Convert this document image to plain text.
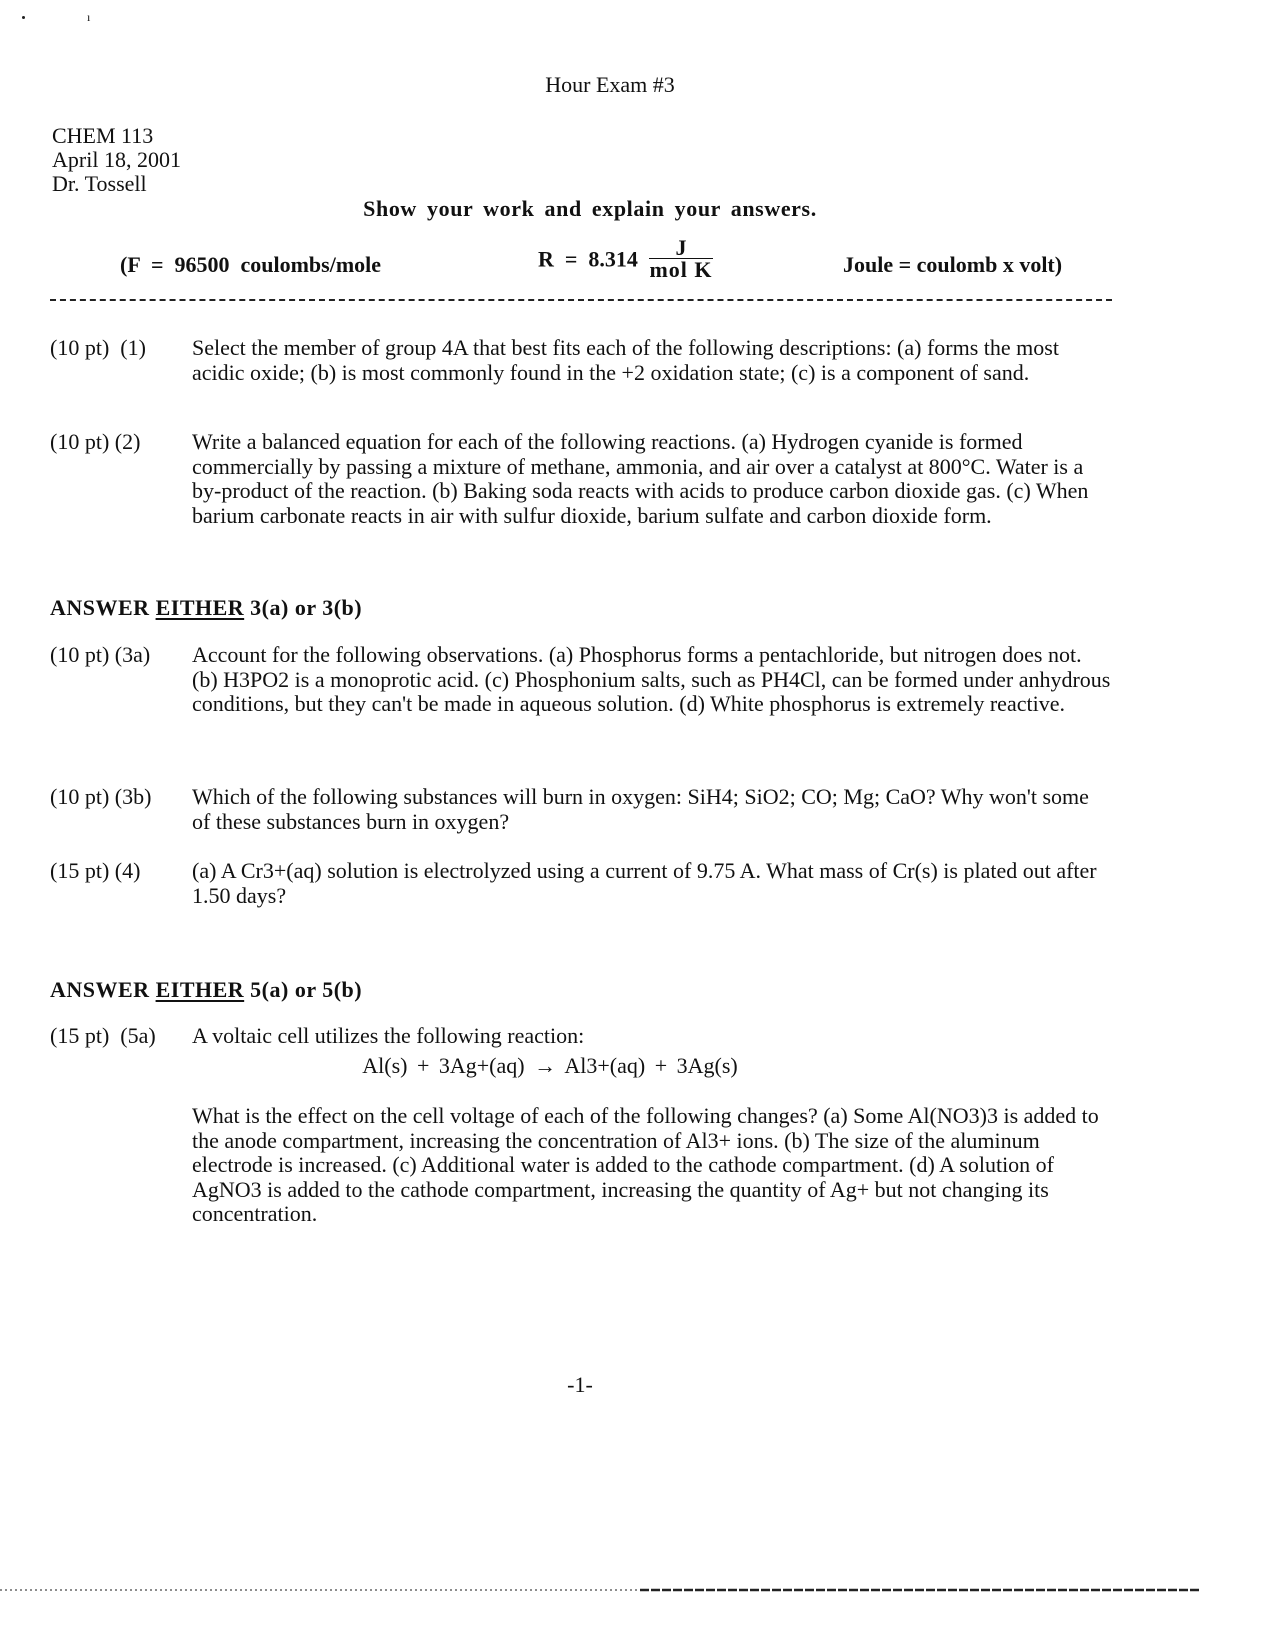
ı
Hour Exam #3
CHEM 113
April 18, 2001
Dr. Tossell
Show your work and explain your answers.
(F  =  96500  coulombs/mole	$R = 8.314 \frac{J}{\text{mol K}}$	Joule = coulomb x volt)
(10 pt)  (1) Select the member of group 4A that best fits each of the following descriptions: (a) forms the most acidic oxide; (b) is most commonly found in the +2 oxidation state; (c) is a component of sand.
(10 pt) (2) Write a balanced equation for each of the following reactions. (a) Hydrogen cyanide is formed commercially by passing a mixture of methane, ammonia, and air over a catalyst at 800°C. Water is a by-product of the reaction. (b) Baking soda reacts with acids to produce carbon dioxide gas. (c) When barium carbonate reacts in air with sulfur dioxide, barium sulfate and carbon dioxide form.
ANSWER EITHER 3(a) or 3(b)
(10 pt) (3a) Account for the following observations. (a) Phosphorus forms a pentachloride, but nitrogen does not. (b) H3PO2 is a monoprotic acid. (c) Phosphonium salts, such as PH4Cl, can be formed under anhydrous conditions, but they can't be made in aqueous solution. (d) White phosphorus is extremely reactive.
(10 pt) (3b) Which of the following substances will burn in oxygen: SiH4; SiO2; CO; Mg; CaO? Why won't some of these substances burn in oxygen?
(15 pt) (4) (a) A Cr3+(aq) solution is electrolyzed using a current of 9.75 A. What mass of Cr(s) is plated out after 1.50 days?
ANSWER EITHER 5(a) or 5(b)
(15 pt)  (5a) A voltaic cell utilizes the following reaction:
Al(s) + 3Ag+(aq) → Al3+(aq) + 3Ag(s)
What is the effect on the cell voltage of each of the following changes? (a) Some Al(NO3)3 is added to the anode compartment, increasing the concentration of Al3+ ions. (b) The size of the aluminum electrode is increased. (c) Additional water is added to the cathode compartment. (d) A solution of AgNO3 is added to the cathode compartment, increasing the quantity of Ag+ but not changing its concentration.
-1-
